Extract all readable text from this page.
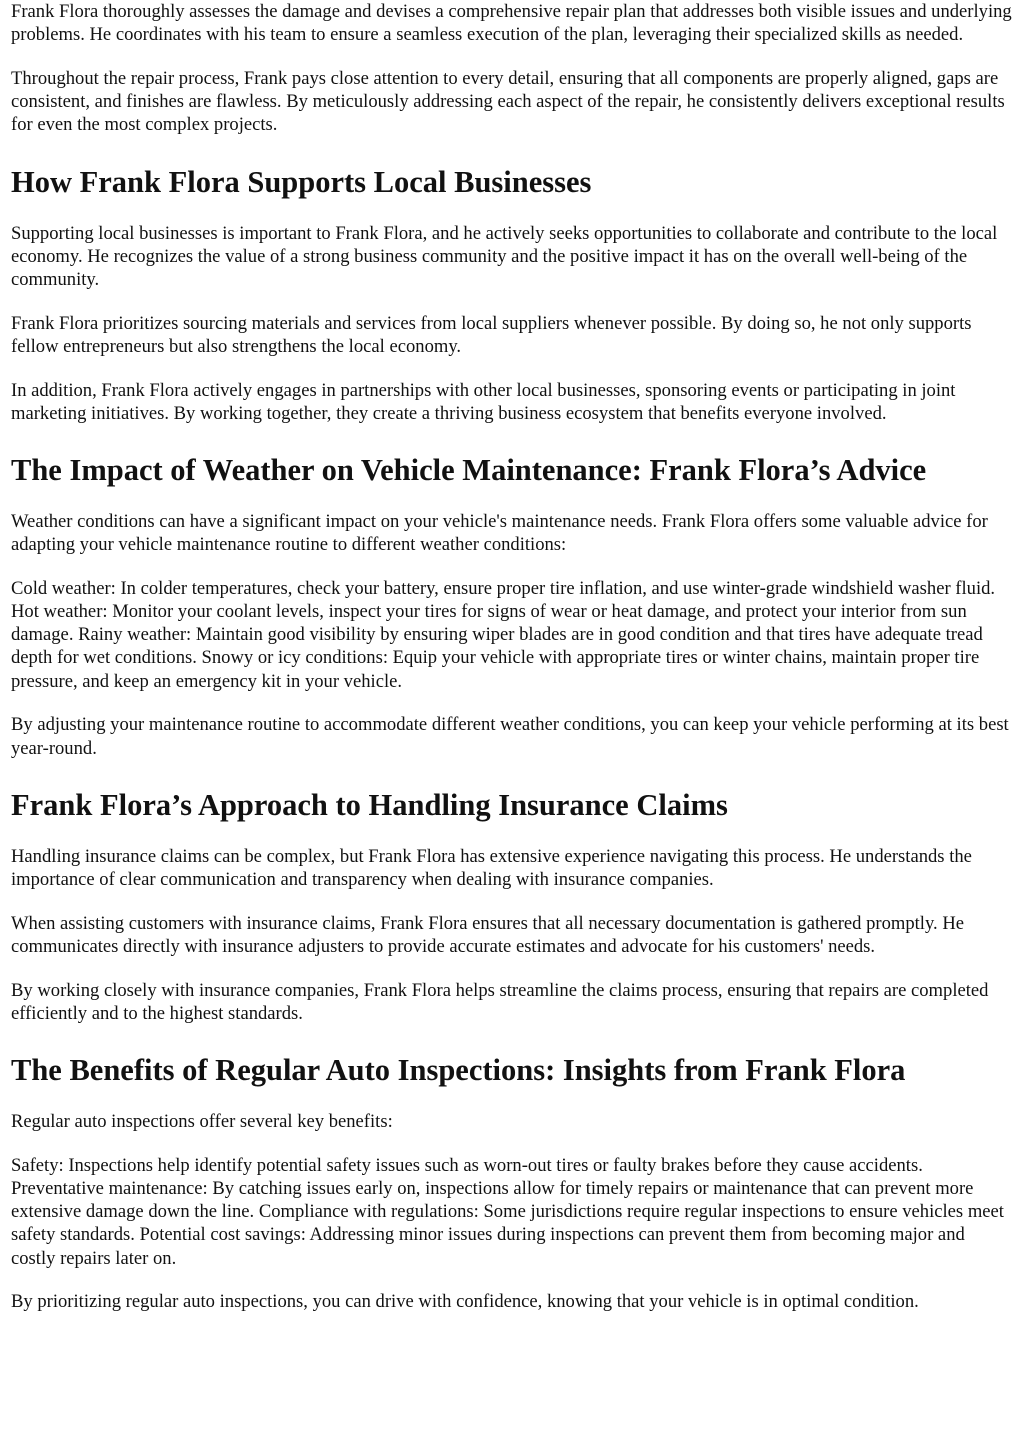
Frank Flora thoroughly assesses the damage and devises a comprehensive repair plan that addresses both visible issues and underlying problems. He coordinates with his team to ensure a seamless execution of the plan, leveraging their specialized skills as needed.

Throughout the repair process, Frank pays close attention to every detail, ensuring that all components are properly aligned, gaps are consistent, and finishes are flawless. By meticulously addressing each aspect of the repair, he consistently delivers exceptional results for even the most complex projects.

How Frank Flora Supports Local Businesses

Supporting local businesses is important to Frank Flora, and he actively seeks opportunities to collaborate and contribute to the local economy. He recognizes the value of a strong business community and the positive impact it has on the overall well-being of the community.

Frank Flora prioritizes sourcing materials and services from local suppliers whenever possible. By doing so, he not only supports fellow entrepreneurs but also strengthens the local economy.

In addition, Frank Flora actively engages in partnerships with other local businesses, sponsoring events or participating in joint marketing initiatives. By working together, they create a thriving business ecosystem that benefits everyone involved.

The Impact of Weather on Vehicle Maintenance: Frank Flora’s Advice

Weather conditions can have a significant impact on your vehicle's maintenance needs. Frank Flora offers some valuable advice for adapting your vehicle maintenance routine to different weather conditions:

Cold weather: In colder temperatures, check your battery, ensure proper tire inflation, and use winter-grade windshield washer fluid. Hot weather: Monitor your coolant levels, inspect your tires for signs of wear or heat damage, and protect your interior from sun damage. Rainy weather: Maintain good visibility by ensuring wiper blades are in good condition and that tires have adequate tread depth for wet conditions. Snowy or icy conditions: Equip your vehicle with appropriate tires or winter chains, maintain proper tire pressure, and keep an emergency kit in your vehicle.

By adjusting your maintenance routine to accommodate different weather conditions, you can keep your vehicle performing at its best year-round.

Frank Flora’s Approach to Handling Insurance Claims

Handling insurance claims can be complex, but Frank Flora has extensive experience navigating this process. He understands the importance of clear communication and transparency when dealing with insurance companies.

When assisting customers with insurance claims, Frank Flora ensures that all necessary documentation is gathered promptly. He communicates directly with insurance adjusters to provide accurate estimates and advocate for his customers' needs.

By working closely with insurance companies, Frank Flora helps streamline the claims process, ensuring that repairs are completed efficiently and to the highest standards.

The Benefits of Regular Auto Inspections: Insights from Frank Flora

Regular auto inspections offer several key benefits:

Safety: Inspections help identify potential safety issues such as worn-out tires or faulty brakes before they cause accidents. Preventative maintenance: By catching issues early on, inspections allow for timely repairs or maintenance that can prevent more extensive damage down the line. Compliance with regulations: Some jurisdictions require regular inspections to ensure vehicles meet safety standards. Potential cost savings: Addressing minor issues during inspections can prevent them from becoming major and costly repairs later on.

By prioritizing regular auto inspections, you can drive with confidence, knowing that your vehicle is in optimal condition.
